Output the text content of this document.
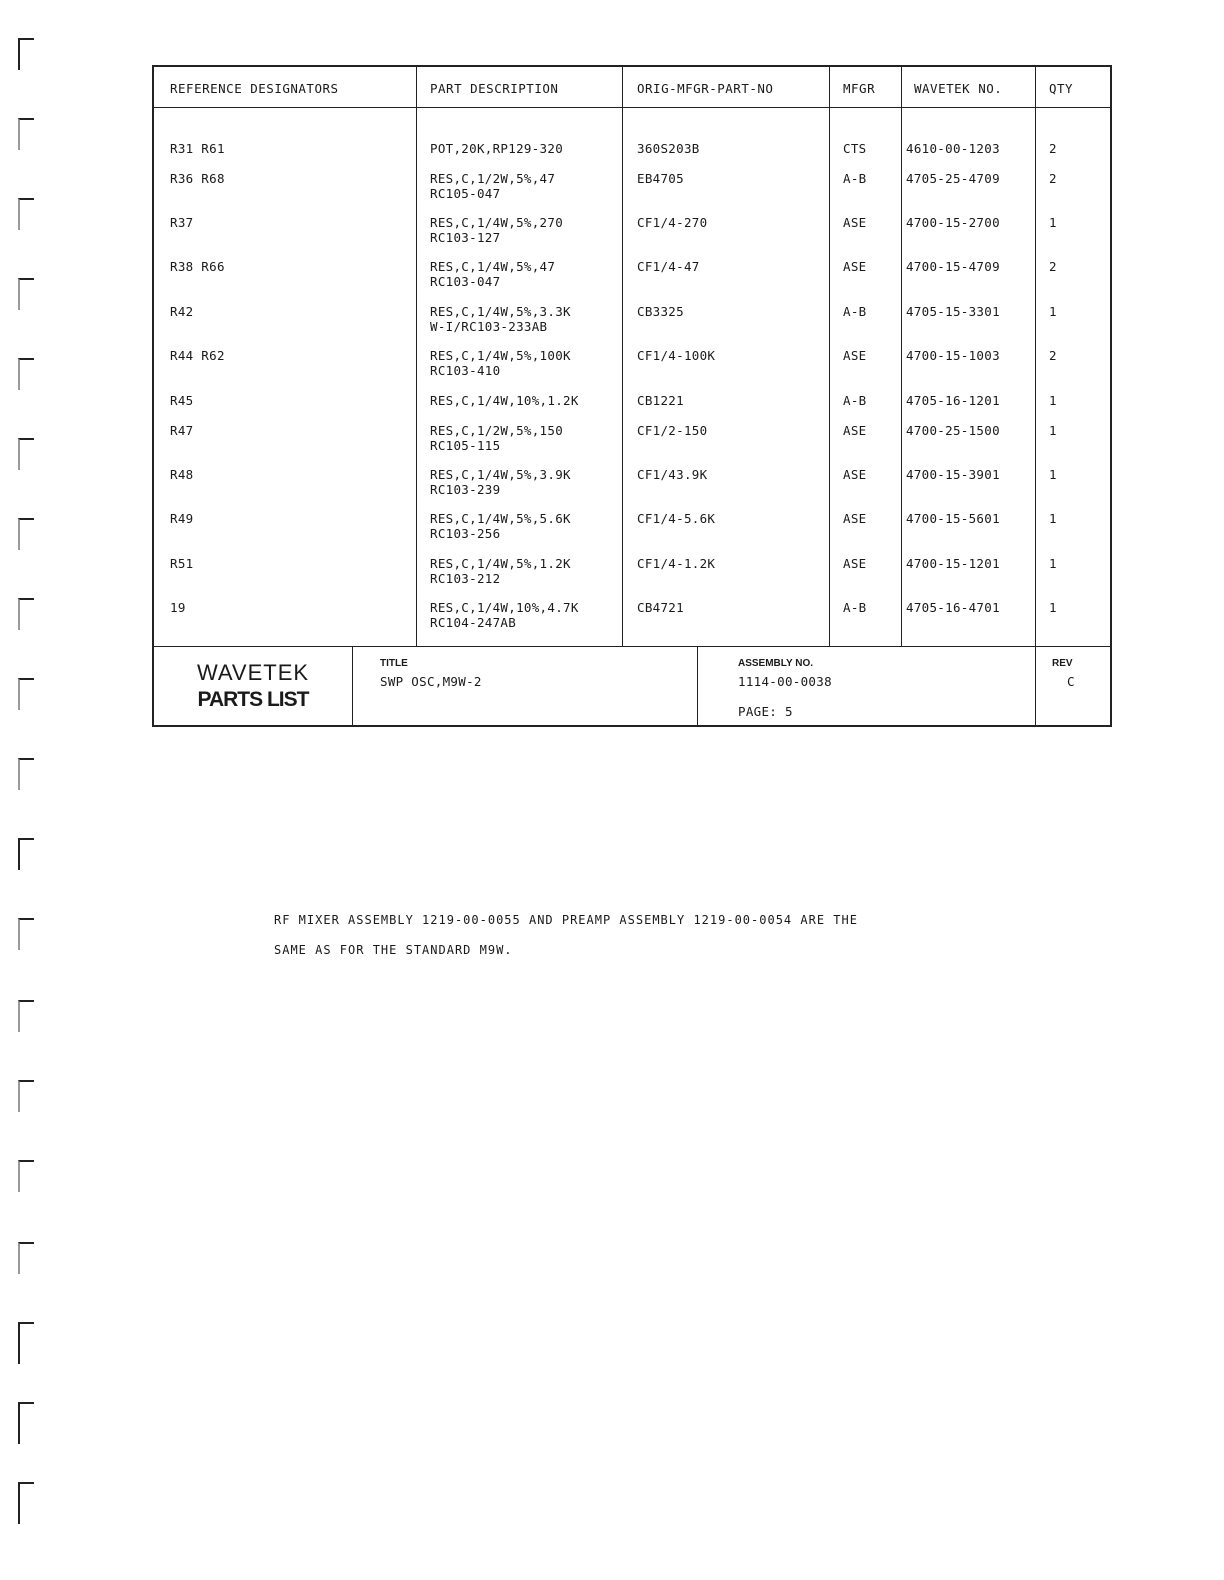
REFERENCE DESIGNATORS	PART DESCRIPTION	ORIG-MFGR-PART-NO	MFGR	WAVETEK NO.	QTY
R31 R61	POT,20K,RP129-320	360S203B	CTS	4610-00-1203	2
R36 R68	RES,C,1/2W,5%,47	EB4705	A-B	4705-25-4709	2
RC105-047
R37	RES,C,1/4W,5%,270	CF1/4-270	ASE	4700-15-2700	1
RC103-127
R38 R66	RES,C,1/4W,5%,47	CF1/4-47	ASE	4700-15-4709	2
RC103-047
R42	RES,C,1/4W,5%,3.3K	CB3325	A-B	4705-15-3301	1
W-I/RC103-233AB
R44 R62	RES,C,1/4W,5%,100K	CF1/4-100K	ASE	4700-15-1003	2
RC103-410
R45	RES,C,1/4W,10%,1.2K	CB1221	A-B	4705-16-1201	1
R47	RES,C,1/2W,5%,150	CF1/2-150	ASE	4700-25-1500	1
RC105-115
R48	RES,C,1/4W,5%,3.9K	CF1/43.9K	ASE	4700-15-3901	1
RC103-239
R49	RES,C,1/4W,5%,5.6K	CF1/4-5.6K	ASE	4700-15-5601	1
RC103-256
R51	RES,C,1/4W,5%,1.2K	CF1/4-1.2K	ASE	4700-15-1201	1
RC103-212
19	RES,C,1/4W,10%,4.7K	CB4721	A-B	4705-16-4701	1
RC104-247AB
WAVETEK
PARTS LIST
TITLE
SWP OSC,M9W-2
ASSEMBLY NO.
1114-00-0038
PAGE: 5
REV
C
RF MIXER ASSEMBLY 1219-00-0055 AND PREAMP ASSEMBLY 1219-00-0054 ARE THE
SAME AS FOR THE STANDARD M9W.
